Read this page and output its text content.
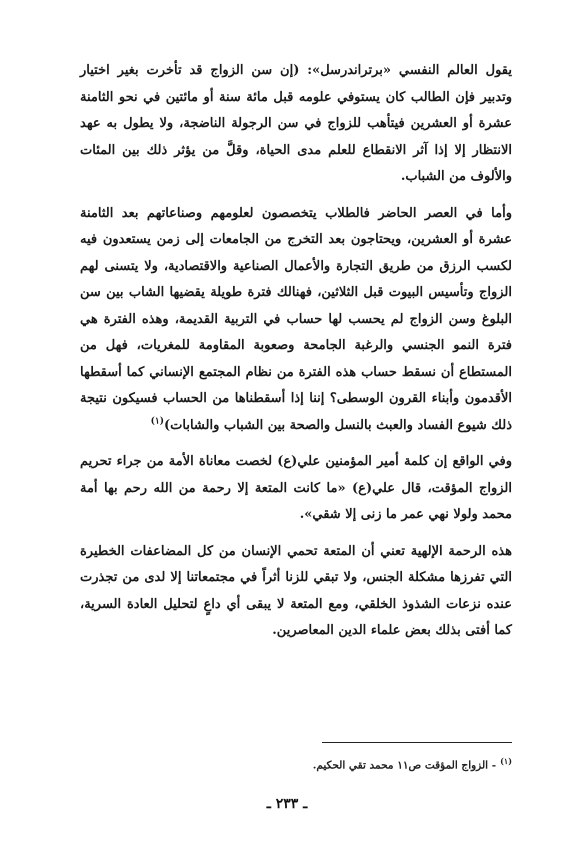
يقول العالم النفسي «برتراندرسل»: (إن سن الزواج قد تأخرت بغير اختيار وتدبير فإن الطالب كان يستوفي علومه قبل مائة سنة أو مائتين في نحو الثامنة عشرة أو العشرين فيتأهب للزواج في سن الرجولة الناضجة، ولا يطول به عهد الانتظار إلا إذا آثر الانقطاع للعلم مدى الحياة، وقلَّ من يؤثر ذلك بين المئات والألوف من الشباب.

وأما في العصر الحاضر فالطلاب يتخصصون لعلومهم وصناعاتهم بعد الثامنة عشرة أو العشرين، ويحتاجون بعد التخرج من الجامعات إلى زمن يستعدون فيه لكسب الرزق من طريق التجارة والأعمال الصناعية والاقتصادية، ولا يتسنى لهم الزواج وتأسيس البيوت قبل الثلاثين، فهنالك فترة طويلة يقضيها الشاب بين سن البلوغ وسن الزواج لم يحسب لها حساب في التربية القديمة، وهذه الفترة هي فترة النمو الجنسي والرغبة الجامحة وصعوبة المقاومة للمغريات، فهل من المستطاع أن نسقط حساب هذه الفترة من نظام المجتمع الإنساني كما أسقطها الأقدمون وأبناء القرون الوسطى؟ إننا إذا أسقطناها من الحساب فسيكون نتيجة ذلك شيوع الفساد والعبث بالنسل والصحة بين الشباب والشابات)$^{(١)}$

وفي الواقع إن كلمة أمير المؤمنين علي(ع) لخصت معاناة الأمة من جراء تحريم الزواج المؤقت، قال علي(ع) «ما كانت المتعة إلا رحمة من الله رحم بها أمة محمد ولولا نهي عمر ما زنى إلا شقي».

هذه الرحمة الإلهية تعني أن المتعة تحمي الإنسان من كل المضاعفات الخطيرة التي تفرزها مشكلة الجنس، ولا تبقي للزنا أثراً في مجتمعاتنا إلا لدى من تجذرت عنده نزعات الشذوذ الخلقي، ومع المتعة لا يبقى أي داعٍ لتحليل العادة السرية، كما أفتى بذلك بعض علماء الدين المعاصرين.

$^{(١)}$- الزواج المؤقت ص١١ محمد تقي الحكيم.
ـ ٢٣٣ ـ
